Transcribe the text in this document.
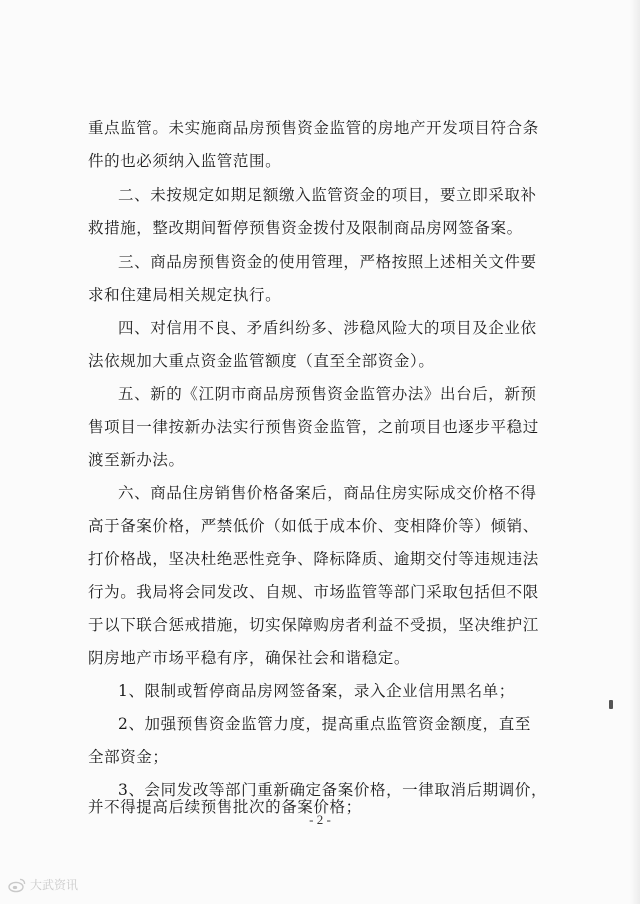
重点监管。未实施商品房预售资金监管的房地产开发项目符合条
件的也必须纳入监管范围。
二、未按规定如期足额缴入监管资金的项目，要立即采取补
救措施，整改期间暂停预售资金拨付及限制商品房网签备案。
三、商品房预售资金的使用管理，严格按照上述相关文件要
求和住建局相关规定执行。
四、对信用不良、矛盾纠纷多、涉稳风险大的项目及企业依
法依规加大重点资金监管额度（直至全部资金）。
五、新的《江阴市商品房预售资金监管办法》出台后，新预
售项目一律按新办法实行预售资金监管，之前项目也逐步平稳过
渡至新办法。
六、商品住房销售价格备案后，商品住房实际成交价格不得
高于备案价格，严禁低价（如低于成本价、变相降价等）倾销、
打价格战，坚决杜绝恶性竞争、降标降质、逾期交付等违规违法
行为。我局将会同发改、自规、市场监管等部门采取包括但不限
于以下联合惩戒措施，切实保障购房者利益不受损，坚决维护江
阴房地产市场平稳有序，确保社会和谐稳定。
1、限制或暂停商品房网签备案，录入企业信用黑名单；
2、加强预售资金监管力度，提高重点监管资金额度，直至
全部资金；
3、会同发改等部门重新确定备案价格，一律取消后期调价，
并不得提高后续预售批次的备案价格；
- 2 -
大武资讯
